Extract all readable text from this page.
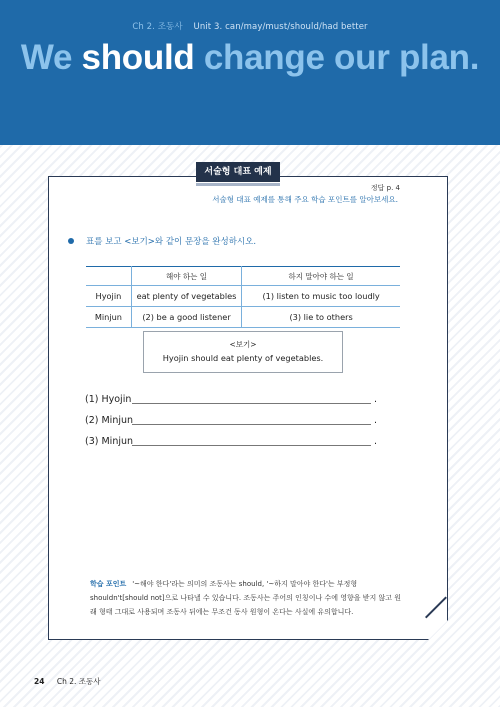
Ch 2. 조동사 Unit 3. can/may/must/should/had better
We should change our plan.
서술형 대표 예제
정답 p. 4
서술형 대표 예제를 통해 주요 학습 포인트를 알아보세요.
표를 보고 <보기>와 같이 문장을 완성하시오.
	해야 하는 일	하지 말아야 하는 일
Hyojin	eat plenty of vegetables	(1) listen to music too loudly
Minjun	(2) be a good listener	(3) lie to others
<보기>
Hyojin should eat plenty of vegetables.
(1) Hyojin	.
(2) Minjun	.
(3) Minjun	.
학습 포인트 '~해야 한다'라는 의미의 조동사는 should, '~하지 말아야 한다'는 부정형 shouldn't[should not]으로 나타낼 수 있습니다. 조동사는 주어의 인칭이나 수에 영향을 받지 않고 원래 형태 그대로 사용되며 조동사 뒤에는 무조건 동사 원형이 온다는 사실에 유의합니다.
24 Ch 2. 조동사
